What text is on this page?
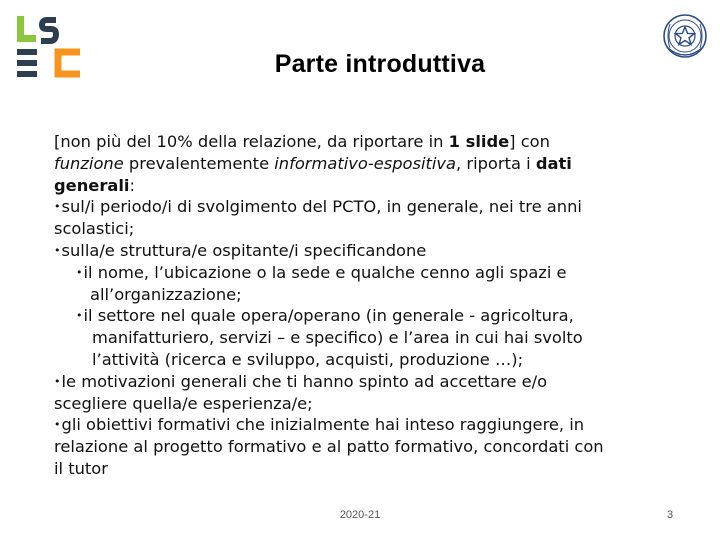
Parte introduttiva
[non più del 10% della relazione, da riportare in 1 slide] con
funzione prevalentemente informativo-espositiva, riporta i dati
generali:
•sul/i periodo/i di svolgimento del PCTO, in generale, nei tre anni
scolastici;
•sulla/e struttura/e ospitante/i specificandone
•il nome, l’ubicazione o la sede e qualche cenno agli spazi e
all’organizzazione;
•il settore nel quale opera/operano (in generale - agricoltura,
manifatturiero, servizi – e specifico) e l’area in cui hai svolto
l’attività (ricerca e sviluppo, acquisti, produzione …);
•le motivazioni generali che ti hanno spinto ad accettare e/o
scegliere quella/e esperienza/e;
•gli obiettivi formativi che inizialmente hai inteso raggiungere, in
relazione al progetto formativo e al patto formativo, concordati con
il tutor
2020-21	3
